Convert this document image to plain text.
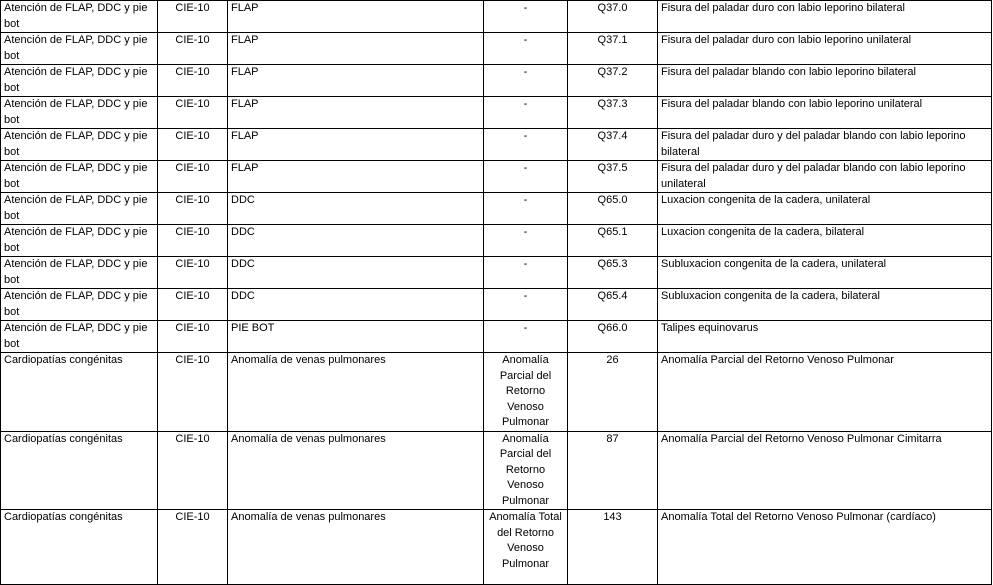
Atención de FLAP, DDC y pie bot	CIE-10	FLAP	-	Q37.0	Fisura del paladar duro con labio leporino bilateral
Atención de FLAP, DDC y pie bot	CIE-10	FLAP	-	Q37.1	Fisura del paladar duro con labio leporino unilateral
Atención de FLAP, DDC y pie bot	CIE-10	FLAP	-	Q37.2	Fisura del paladar blando con labio leporino bilateral
Atención de FLAP, DDC y pie bot	CIE-10	FLAP	-	Q37.3	Fisura del paladar blando con labio leporino unilateral
Atención de FLAP, DDC y pie bot	CIE-10	FLAP	-	Q37.4	Fisura del paladar duro y del paladar blando con labio leporino bilateral
Atención de FLAP, DDC y pie bot	CIE-10	FLAP	-	Q37.5	Fisura del paladar duro y del paladar blando con labio leporino unilateral
Atención de FLAP, DDC y pie bot	CIE-10	DDC	-	Q65.0	Luxacion congenita de la cadera, unilateral
Atención de FLAP, DDC y pie bot	CIE-10	DDC	-	Q65.1	Luxacion congenita de la cadera, bilateral
Atención de FLAP, DDC y pie bot	CIE-10	DDC	-	Q65.3	Subluxacion congenita de la cadera, unilateral
Atención de FLAP, DDC y pie bot	CIE-10	DDC	-	Q65.4	Subluxacion congenita de la cadera, bilateral
Atención de FLAP, DDC y pie bot	CIE-10	PIE BOT	-	Q66.0	Talipes equinovarus
Cardiopatías congénitas	CIE-10	Anomalía de venas pulmonares	Anomalía Parcial del Retorno Venoso Pulmonar	26	Anomalía Parcial del Retorno Venoso Pulmonar
Cardiopatías congénitas	CIE-10	Anomalía de venas pulmonares	Anomalía Parcial del Retorno Venoso Pulmonar	87	Anomalía Parcial del Retorno Venoso Pulmonar Cimitarra
Cardiopatías congénitas	CIE-10	Anomalía de venas pulmonares	Anomalía Total del Retorno Venoso Pulmonar	143	Anomalía Total del Retorno Venoso Pulmonar (cardíaco)
